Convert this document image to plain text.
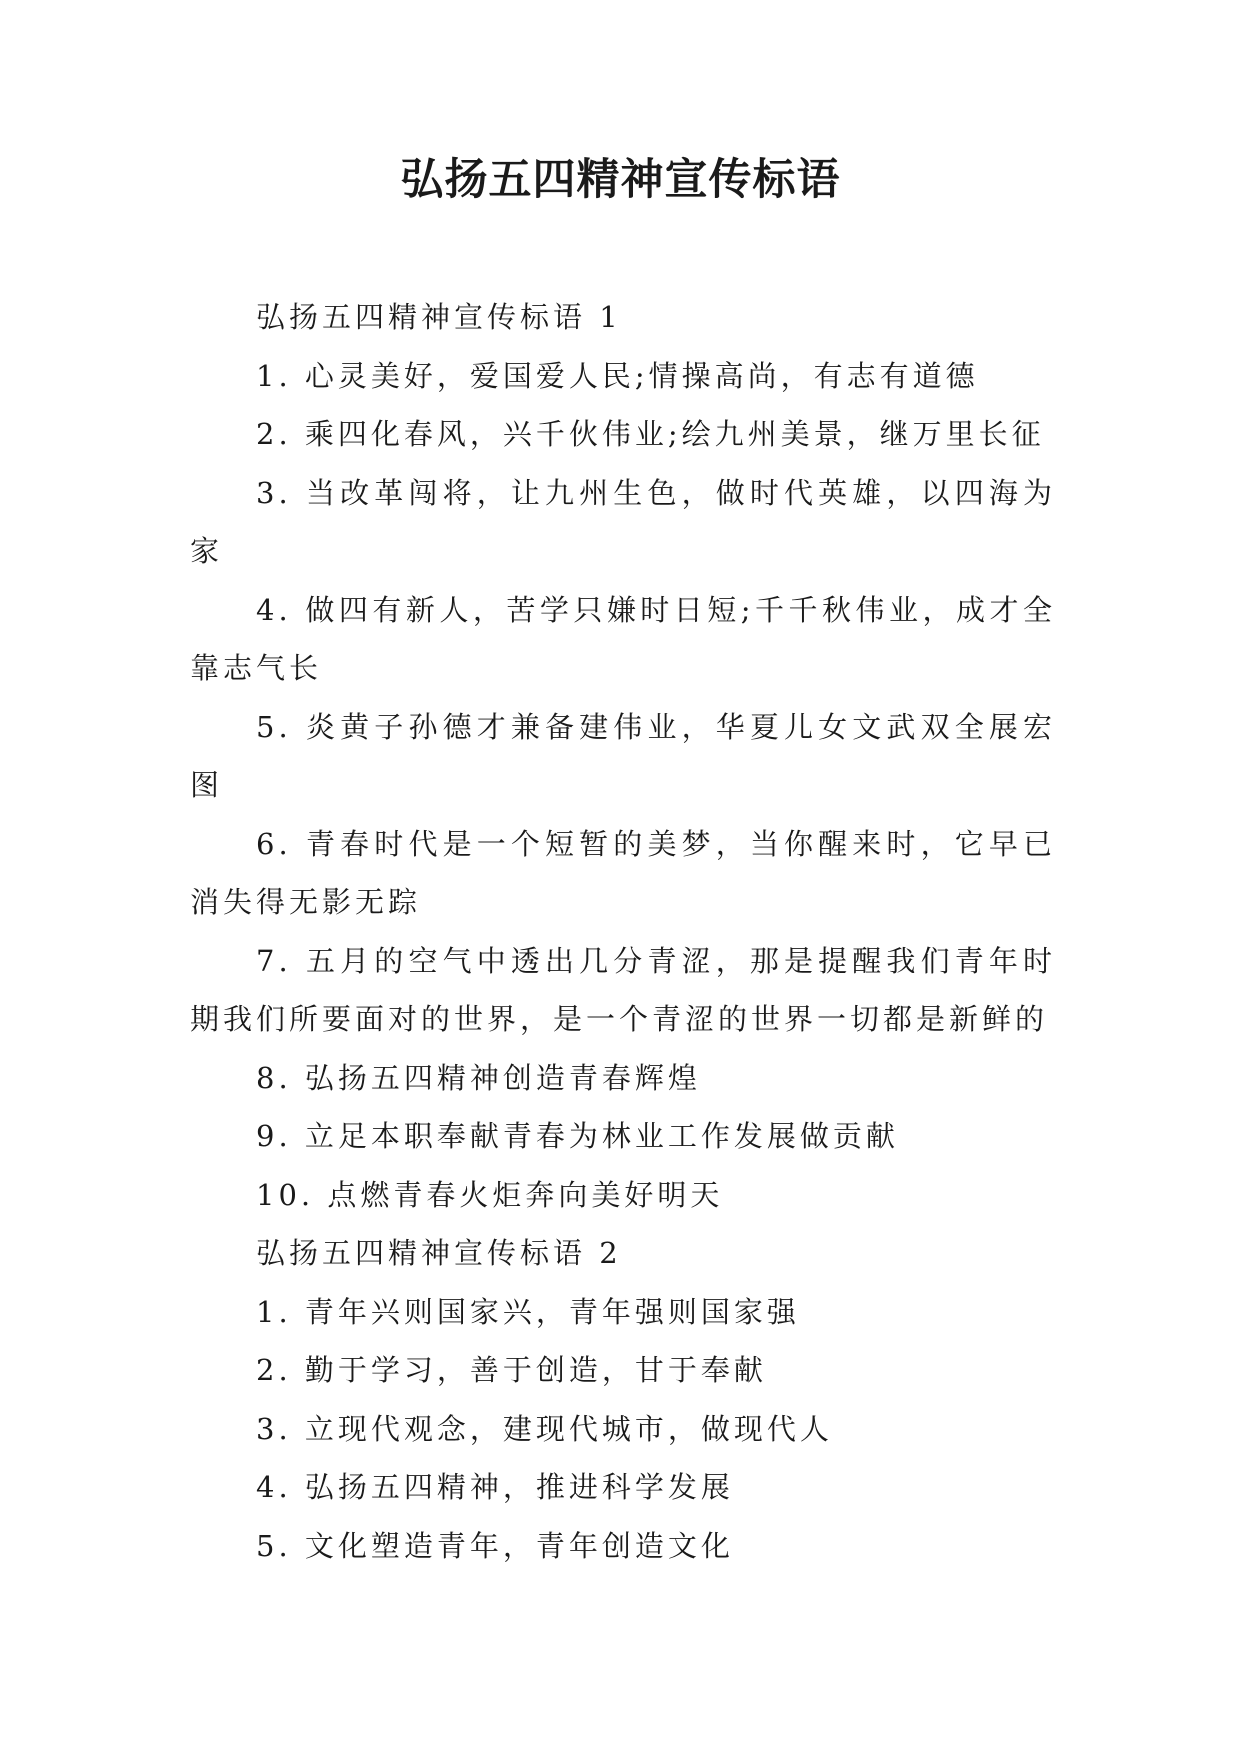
弘扬五四精神宣传标语

弘扬五四精神宣传标语 1

1. 心灵美好，爱国爱人民;情操高尚，有志有道德

2. 乘四化春风，兴千伙伟业;绘九州美景，继万里长征

3. 当改革闯将，让九州生色，做时代英雄，以四海为家

4. 做四有新人，苦学只嫌时日短;千千秋伟业，成才全靠志气长

5. 炎黄子孙德才兼备建伟业，华夏儿女文武双全展宏图

6. 青春时代是一个短暂的美梦，当你醒来时，它早已消失得无影无踪

7. 五月的空气中透出几分青涩，那是提醒我们青年时期我们所要面对的世界，是一个青涩的世界一切都是新鲜的

8. 弘扬五四精神创造青春辉煌

9. 立足本职奉献青春为林业工作发展做贡献

10. 点燃青春火炬奔向美好明天

弘扬五四精神宣传标语 2

1. 青年兴则国家兴，青年强则国家强

2. 勤于学习，善于创造，甘于奉献

3. 立现代观念，建现代城市，做现代人

4. 弘扬五四精神，推进科学发展

5. 文化塑造青年，青年创造文化
